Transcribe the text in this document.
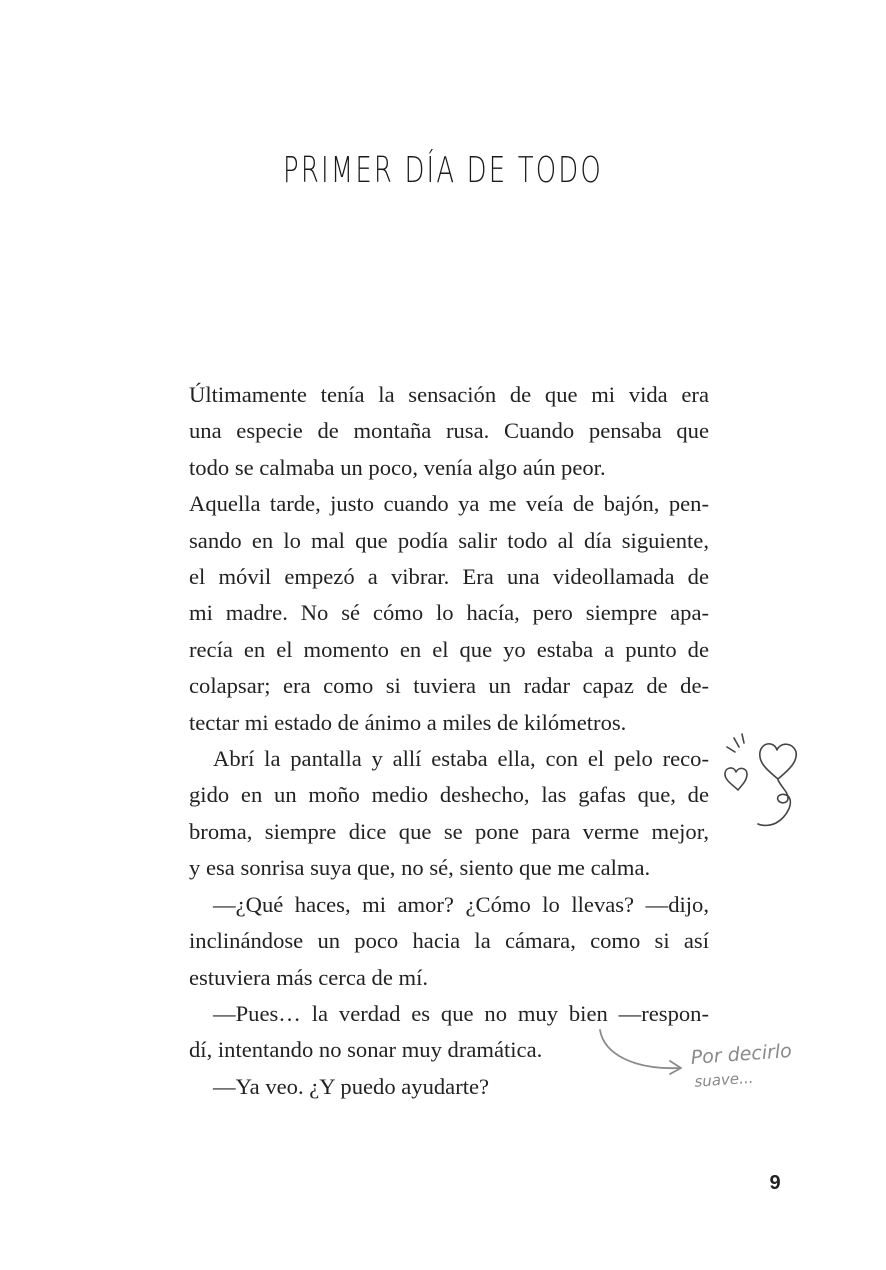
PRIMER DÍA DE TODO
Últimamente tenía la sensación de que mi vida era
una especie de montaña rusa. Cuando pensaba que
todo se calmaba un poco, venía algo aún peor.
Aquella tarde, justo cuando ya me veía de bajón, pen-
sando en lo mal que podía salir todo al día siguiente,
el móvil empezó a vibrar. Era una videollamada de
mi madre. No sé cómo lo hacía, pero siempre apa-
recía en el momento en el que yo estaba a punto de
colapsar; era como si tuviera un radar capaz de de-
tectar mi estado de ánimo a miles de kilómetros.
Abrí la pantalla y allí estaba ella, con el pelo reco-
gido en un moño medio deshecho, las gafas que, de
broma, siempre dice que se pone para verme mejor,
y esa sonrisa suya que, no sé, siento que me calma.
—¿Qué haces, mi amor? ¿Cómo lo llevas? —dijo,
inclinándose un poco hacia la cámara, como si así
estuviera más cerca de mí.
—Pues… la verdad es que no muy bien —respon-
dí, intentando no sonar muy dramática.
—Ya veo. ¿Y puedo ayudarte?
Por decirlo
suave...
9
